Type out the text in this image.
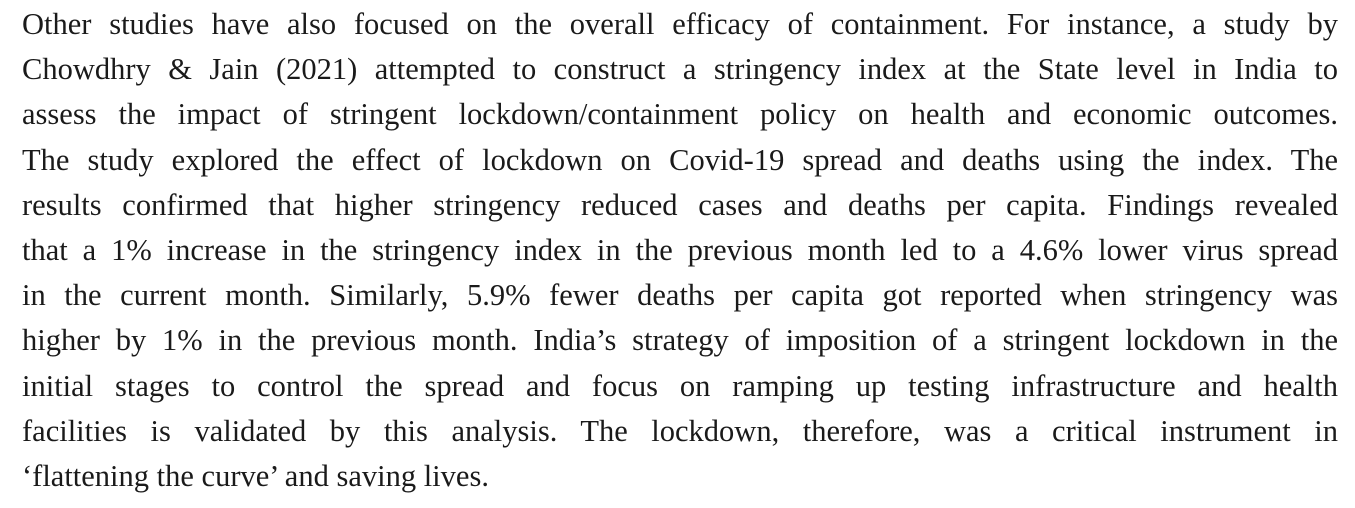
Other studies have also focused on the overall efficacy of containment. For instance, a study by
Chowdhry & Jain (2021) attempted to construct a stringency index at the State level in India to
assess the impact of stringent lockdown/containment policy on health and economic outcomes.
The study explored the effect of lockdown on Covid-19 spread and deaths using the index. The
results confirmed that higher stringency reduced cases and deaths per capita. Findings revealed
that a 1% increase in the stringency index in the previous month led to a 4.6% lower virus spread
in the current month. Similarly, 5.9% fewer deaths per capita got reported when stringency was
higher by 1% in the previous month. India’s strategy of imposition of a stringent lockdown in the
initial stages to control the spread and focus on ramping up testing infrastructure and health
facilities is validated by this analysis. The lockdown, therefore, was a critical instrument in
‘flattening the curve’ and saving lives.
